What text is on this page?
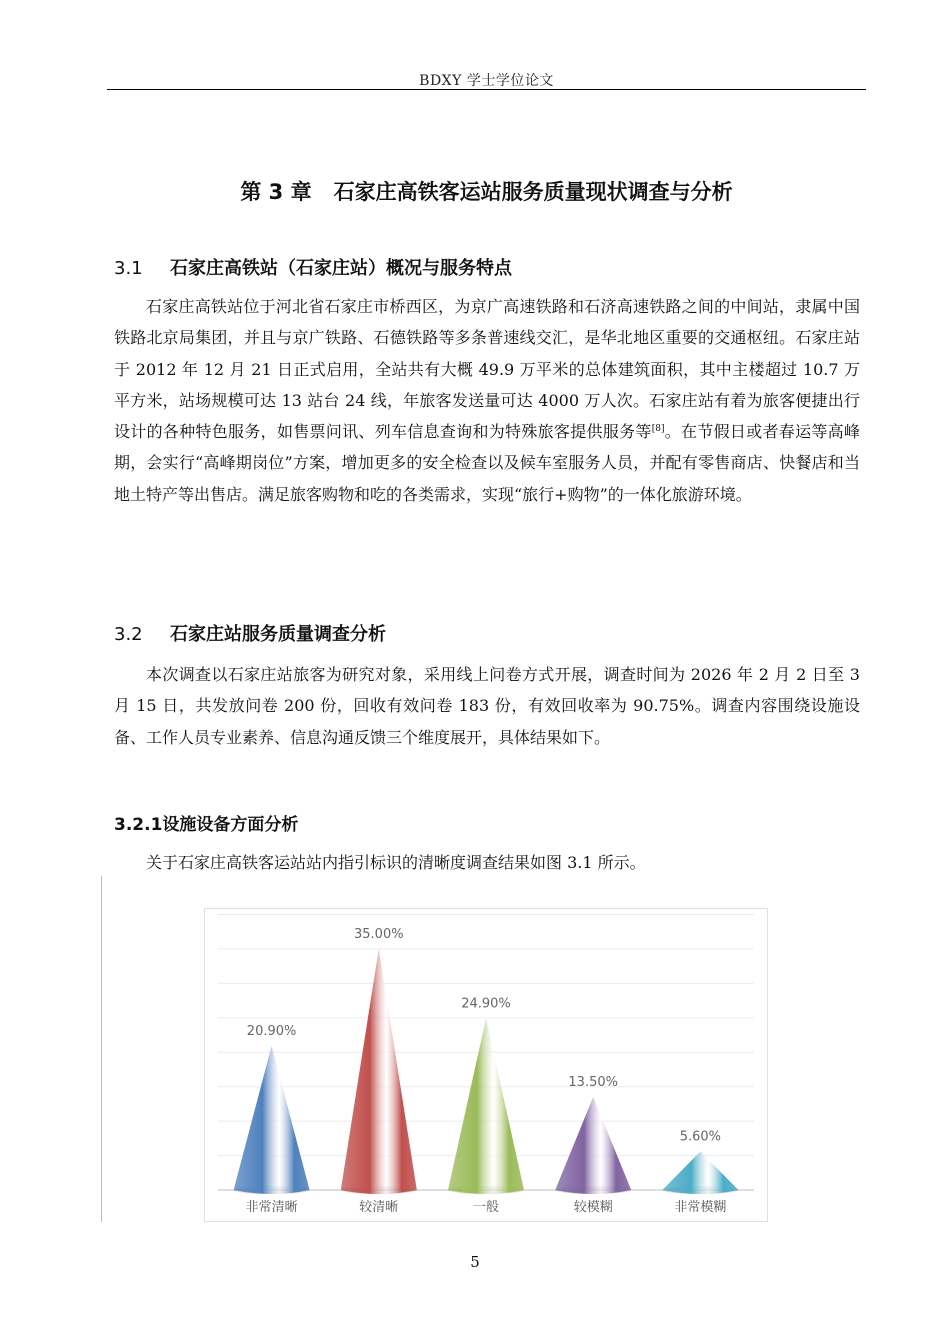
BDXY 学士学位论文
第 3 章 石家庄高铁客运站服务质量现状调查与分析
3.1 石家庄高铁站（石家庄站）概况与服务特点
石家庄高铁站位于河北省石家庄市桥西区，为京广高速铁路和石济高速铁路之间的中间站，隶属中国铁路北京局集团，并且与京广铁路、石德铁路等多条普速线交汇，是华北地区重要的交通枢纽。石家庄站于 2012 年 12 月 21 日正式启用，全站共有大概 49.9 万平米的总体建筑面积，其中主楼超过 10.7 万平方米，站场规模可达 13 站台 24 线，年旅客发送量可达 4000 万人次。石家庄站有着为旅客便捷出行设计的各种特色服务，如售票问讯、列车信息查询和为特殊旅客提供服务等[8]。在节假日或者春运等高峰期，会实行“高峰期岗位”方案，增加更多的安全检查以及候车室服务人员，并配有零售商店、快餐店和当地土特产等出售店。满足旅客购物和吃的各类需求，实现“旅行+购物”的一体化旅游环境。
3.2 石家庄站服务质量调查分析
本次调查以石家庄站旅客为研究对象，采用线上问卷方式开展，调查时间为 2026 年 2 月 2 日至 3 月 15 日，共发放问卷 200 份，回收有效问卷 183 份，有效回收率为 90.75%。调查内容围绕设施设备、工作人员专业素养、信息沟通反馈三个维度展开，具体结果如下。
3.2.1设施设备方面分析
关于石家庄高铁客运站站内指引标识的清晰度调查结果如图 3.1 所示。
20.90%
非常清晰
35.00%
较清晰
24.90%
一般
13.50%
较模糊
5.60%
非常模糊
5
